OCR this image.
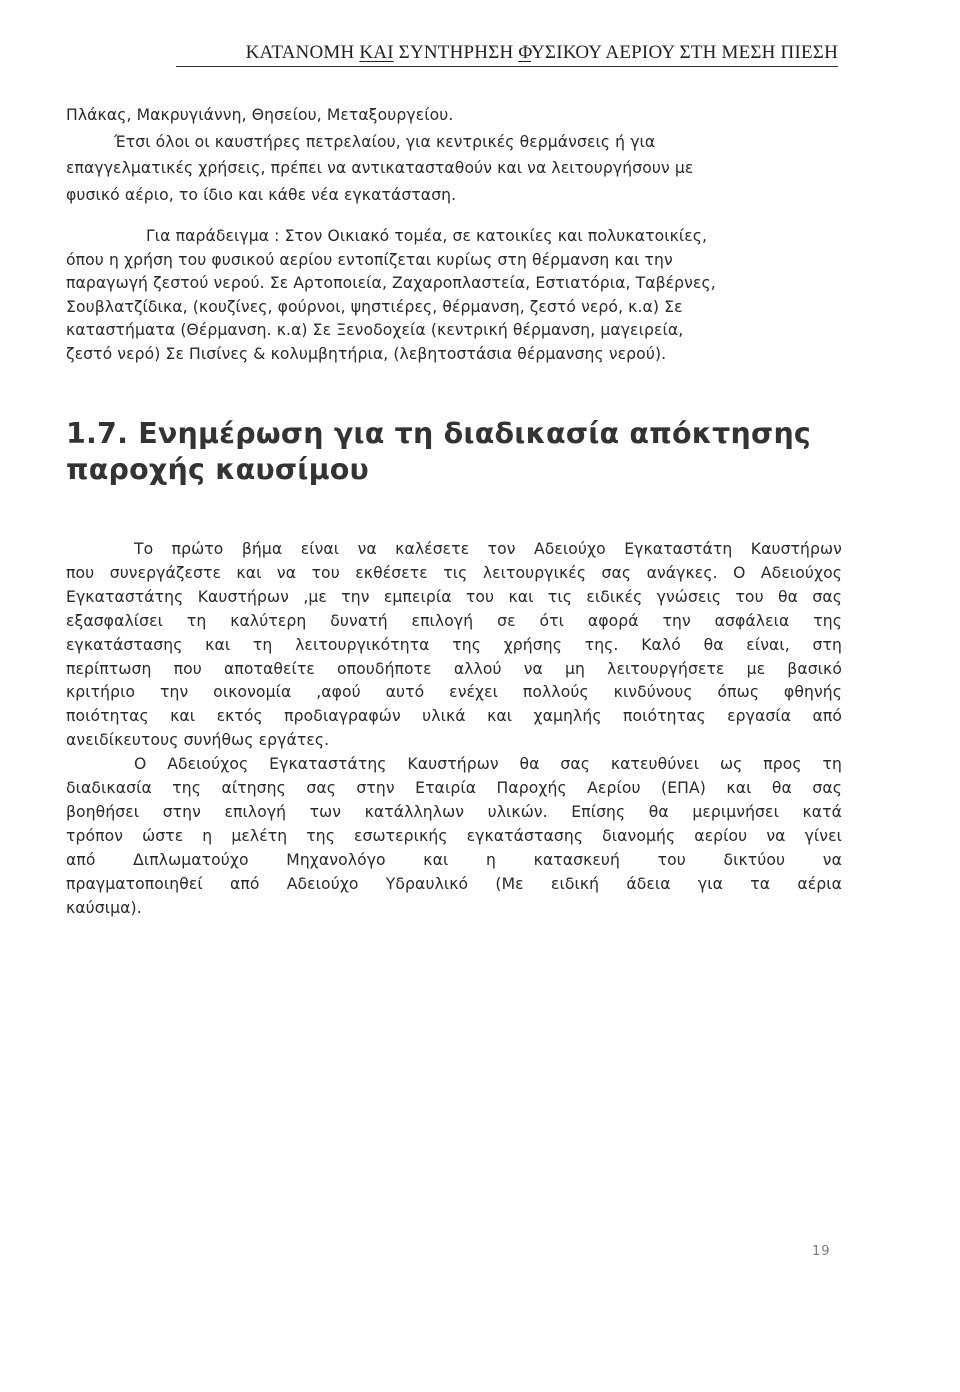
ΚΑΤΑΝΟΜΗ ΚΑΙ ΣΥΝΤΗΡΗΣΗ ΦΥΣΙΚΟΥ ΑΕΡΙΟΥ ΣΤΗ ΜΕΣΗ ΠΙΕΣΗ
Πλάκας, Μακρυγιάννη, Θησείου, Μεταξουργείου.
Έτσι όλοι οι καυστήρες πετρελαίου, για κεντρικές θερμάνσεις ή για
επαγγελματικές χρήσεις, πρέπει να αντικατασταθούν και να λειτουργήσουν με
φυσικό αέριο, το ίδιο και κάθε νέα εγκατάσταση.
Για παράδειγμα : Στον Οικιακό τομέα, σε κατοικίες και πολυκατοικίες,
όπου η χρήση του φυσικού αερίου εντοπίζεται κυρίως στη θέρμανση και την
παραγωγή ζεστού νερού. Σε Αρτοποιεία, Ζαχαροπλαστεία, Εστιατόρια, Ταβέρνες,
Σουβλατζίδικα, (κουζίνες, φούρνοι, ψηστιέρες, θέρμανση, ζεστό νερό, κ.α) Σε
καταστήματα (Θέρμανση. κ.α) Σε Ξενοδοχεία (κεντρική θέρμανση, μαγειρεία,
ζεστό νερό) Σε Πισίνες & κολυμβητήρια, (λεβητοστάσια θέρμανσης νερού).
1.7. Ενημέρωση για τη διαδικασία απόκτησης
παροχής καυσίμου
Το πρώτο βήμα είναι να καλέσετε τον Αδειούχο Εγκαταστάτη Καυστήρων
που συνεργάζεστε και να του εκθέσετε τις λειτουργικές σας ανάγκες. Ο Αδειούχος
Εγκαταστάτης Καυστήρων ,με την εμπειρία του και τις ειδικές γνώσεις του θα σας
εξασφαλίσει τη καλύτερη δυνατή επιλογή σε ότι αφορά την ασφάλεια της
εγκατάστασης και τη λειτουργικότητα της χρήσης της. Καλό θα είναι, στη
περίπτωση που αποταθείτε οπουδήποτε αλλού να μη λειτουργήσετε με βασικό
κριτήριο την οικονομία ,αφού αυτό ενέχει πολλούς κινδύνους όπως φθηνής
ποιότητας και εκτός προδιαγραφών υλικά και χαμηλής ποιότητας εργασία από
ανειδίκευτους συνήθως εργάτες.
Ο Αδειούχος Εγκαταστάτης Καυστήρων θα σας κατευθύνει ως προς τη
διαδικασία της αίτησης σας στην Εταιρία Παροχής Αερίου (ΕΠΑ) και θα σας
βοηθήσει στην επιλογή των κατάλληλων υλικών. Επίσης θα μεριμνήσει κατά
τρόπον ώστε η μελέτη της εσωτερικής εγκατάστασης διανομής αερίου να γίνει
από Διπλωματούχο Μηχανολόγο και η κατασκευή του δικτύου να
πραγματοποιηθεί από Αδειούχο Υδραυλικό (Με ειδική άδεια για τα αέρια
καύσιμα).
19
